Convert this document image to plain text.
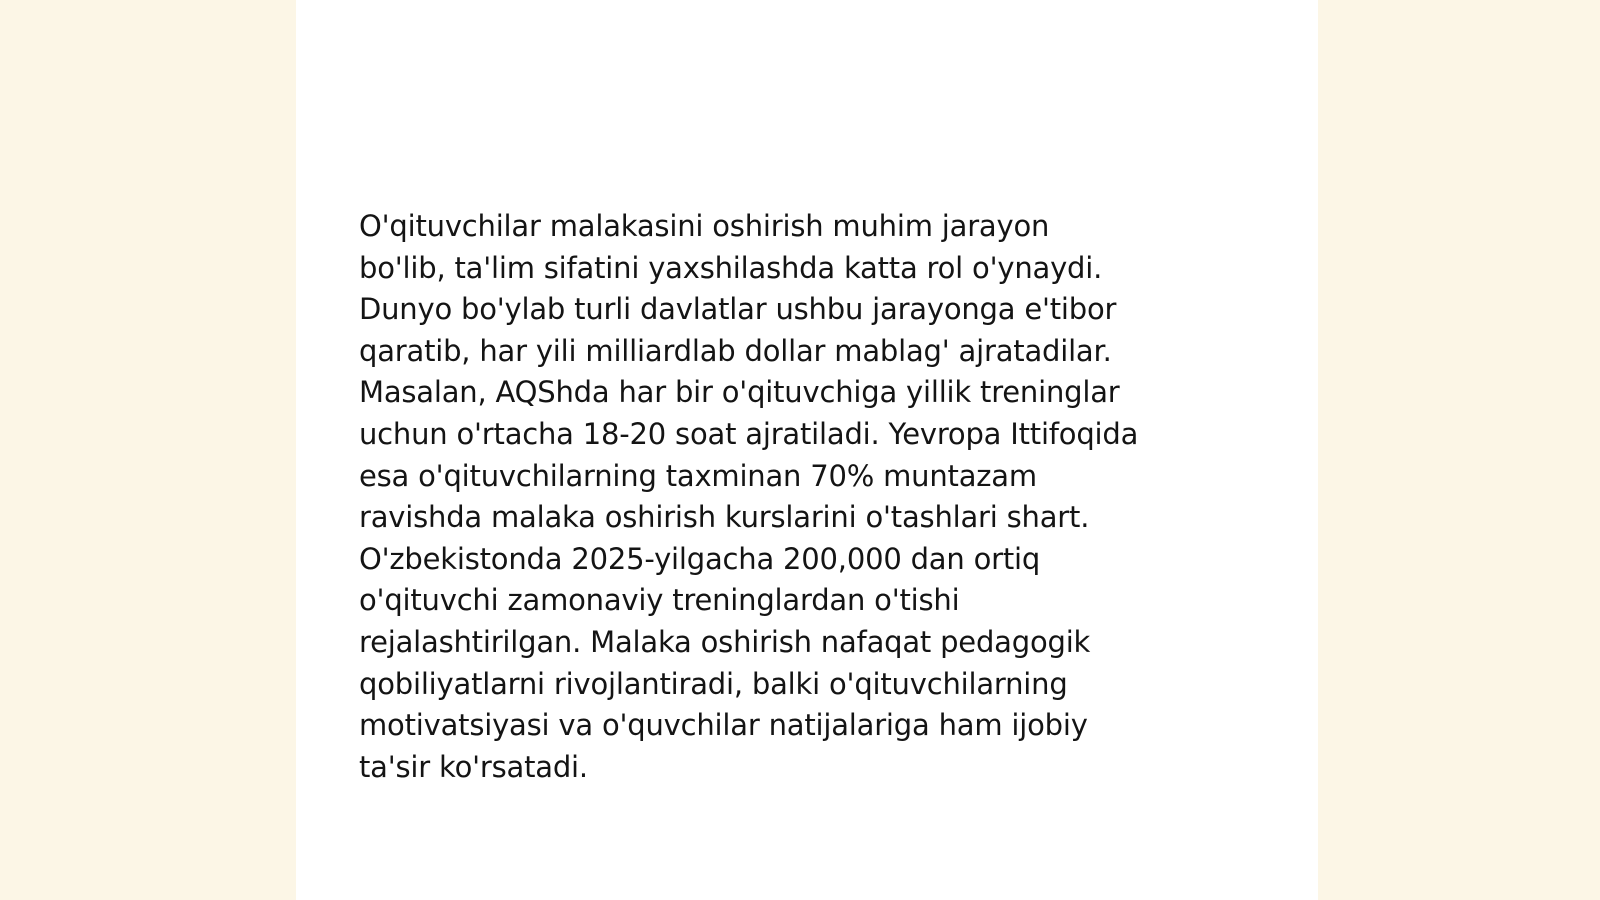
O'qituvchilar malakasini oshirish muhim jarayon
bo'lib, ta'lim sifatini yaxshilashda katta rol o'ynaydi.
Dunyo bo'ylab turli davlatlar ushbu jarayonga e'tibor
qaratib, har yili milliardlab dollar mablag' ajratadilar.
Masalan, AQShda har bir o'qituvchiga yillik treninglar
uchun o'rtacha 18-20 soat ajratiladi. Yevropa Ittifoqida
esa o'qituvchilarning taxminan 70% muntazam
ravishda malaka oshirish kurslarini o'tashlari shart.
O'zbekistonda 2025-yilgacha 200,000 dan ortiq
o'qituvchi zamonaviy treninglardan o'tishi
rejalashtirilgan. Malaka oshirish nafaqat pedagogik
qobiliyatlarni rivojlantiradi, balki o'qituvchilarning
motivatsiyasi va o'quvchilar natijalariga ham ijobiy
ta'sir ko'rsatadi.
